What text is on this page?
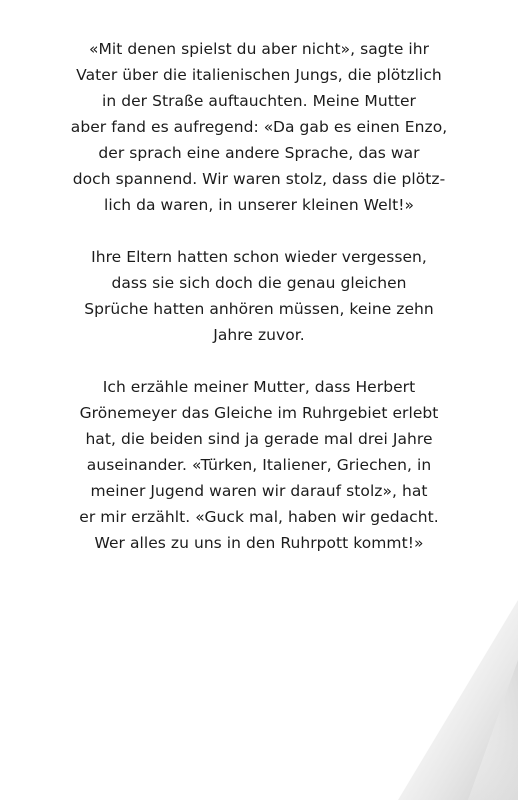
«Mit denen spielst du aber nicht», sagte ihr
Vater über die italienischen Jungs, die plötzlich
in der Straße auftauchten. Meine Mutter
aber fand es aufregend: «Da gab es einen Enzo,
der sprach eine andere Sprache, das war
doch spannend. Wir waren stolz, dass die plötz-
lich da waren, in unserer kleinen Welt!»

Ihre Eltern hatten schon wieder vergessen,
dass sie sich doch die genau gleichen
Sprüche hatten anhören müssen, keine zehn
Jahre zuvor.

Ich erzähle meiner Mutter, dass Herbert
Grönemeyer das Gleiche im Ruhrgebiet erlebt
hat, die beiden sind ja gerade mal drei Jahre
auseinander. «Türken, Italiener, Griechen, in
meiner Jugend waren wir darauf stolz», hat
er mir erzählt. «Guck mal, haben wir gedacht.
Wer alles zu uns in den Ruhrpott kommt!»
